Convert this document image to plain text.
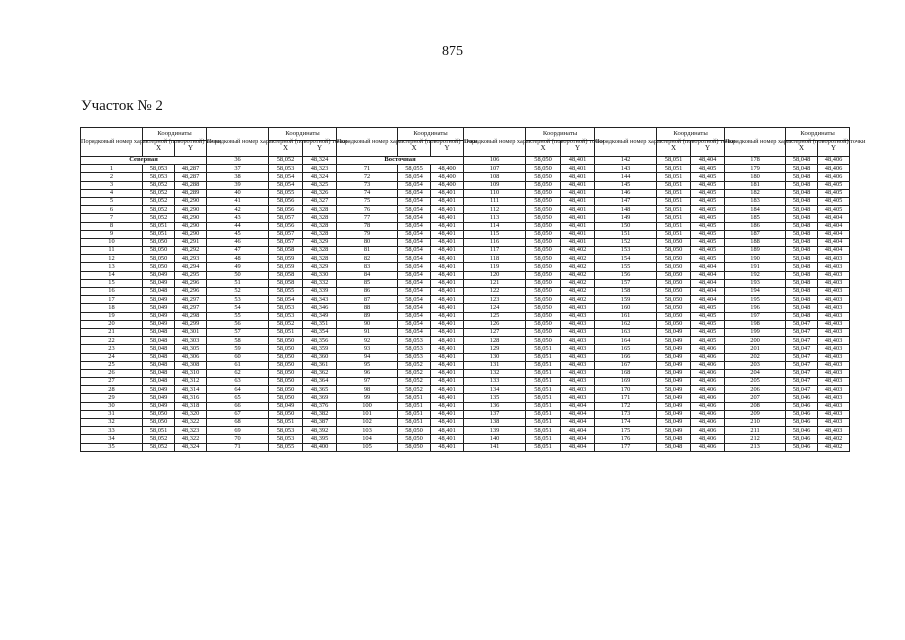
875
Участок № 2
Порядковый номер характерной (поворотной) точки	Координаты		Порядковый номер характерной (поворотной) точки	Координаты		Порядковый номер характерной (поворотной) точки	Координаты		Порядковый номер характерной (поворотной) точки	Координаты		Порядковый номер характерной (поворотной) точки	Координаты		Порядковый номер характерной (поворотной) точки	Координаты	
	X	Y		X	Y		X	Y		X	Y		X	Y		X	Y
Северная			36	58,052	48,324	Восточная			106	58,050	48,401	142	58,051	48,404	178	58,048	48,406
1	58,053	48,287	37	58,053	48,323	71	58,055	48,400	107	58,050	48,401	143	58,051	48,405	179	58,048	48,406
2	58,053	48,287	38	58,054	48,324	72	58,054	48,400	108	58,050	48,401	144	58,051	48,405	180	58,048	48,406
3	58,052	48,288	39	58,054	48,325	73	58,054	48,400	109	58,050	48,401	145	58,051	48,405	181	58,048	48,405
4	58,052	48,289	40	58,055	48,326	74	58,054	48,401	110	58,050	48,401	146	58,051	48,405	182	58,048	48,405
5	58,052	48,290	41	58,056	48,327	75	58,054	48,401	111	58,050	48,401	147	58,051	48,405	183	58,048	48,405
6	58,052	48,290	42	58,056	48,328	76	58,054	48,401	112	58,050	48,401	148	58,051	48,405	184	58,048	48,405
7	58,052	48,290	43	58,057	48,328	77	58,054	48,401	113	58,050	48,401	149	58,051	48,405	185	58,048	48,404
8	58,051	48,290	44	58,056	48,328	78	58,054	48,401	114	58,050	48,401	150	58,051	48,405	186	58,048	48,404
9	58,051	48,290	45	58,057	48,328	79	58,054	48,401	115	58,050	48,401	151	58,051	48,405	187	58,048	48,404
10	58,050	48,291	46	58,057	48,329	80	58,054	48,401	116	58,050	48,401	152	58,050	48,405	188	58,048	48,404
11	58,050	48,292	47	58,058	48,328	81	58,054	48,401	117	58,050	48,402	153	58,050	48,405	189	58,048	48,404
12	58,050	48,293	48	58,059	48,328	82	58,054	48,401	118	58,050	48,402	154	58,050	48,405	190	58,048	48,403
13	58,050	48,294	49	58,059	48,329	83	58,054	48,401	119	58,050	48,402	155	58,050	48,404	191	58,048	48,403
14	58,049	48,295	50	58,058	48,330	84	58,054	48,401	120	58,050	48,402	156	58,050	48,404	192	58,048	48,403
15	58,049	48,296	51	58,058	48,332	85	58,054	48,401	121	58,050	48,402	157	58,050	48,404	193	58,048	48,403
16	58,048	48,296	52	58,055	48,339	86	58,054	48,401	122	58,050	48,402	158	58,050	48,404	194	58,048	48,403
17	58,049	48,297	53	58,054	48,343	87	58,054	48,401	123	58,050	48,402	159	58,050	48,404	195	58,048	48,403
18	58,049	48,297	54	58,053	48,346	88	58,054	48,401	124	58,050	48,403	160	58,050	48,405	196	58,048	48,403
19	58,049	48,298	55	58,053	48,349	89	58,054	48,401	125	58,050	48,403	161	58,050	48,405	197	58,048	48,403
20	58,049	48,299	56	58,052	48,351	90	58,054	48,401	126	58,050	48,403	162	58,050	48,405	198	58,047	48,403
21	58,048	48,301	57	58,051	48,354	91	58,054	48,401	127	58,050	48,403	163	58,049	48,405	199	58,047	48,403
22	58,048	48,303	58	58,050	48,356	92	58,053	48,401	128	58,050	48,403	164	58,049	48,405	200	58,047	48,403
23	58,048	48,305	59	58,050	48,359	93	58,053	48,401	129	58,051	48,403	165	58,049	48,406	201	58,047	48,403
24	58,048	48,306	60	58,050	48,360	94	58,053	48,401	130	58,051	48,403	166	58,049	48,406	202	58,047	48,403
25	58,048	48,308	61	58,050	48,361	95	58,052	48,401	131	58,051	48,403	167	58,049	48,406	203	58,047	48,403
26	58,048	48,310	62	58,050	48,362	96	58,052	48,401	132	58,051	48,403	168	58,049	48,406	204	58,047	48,403
27	58,048	48,312	63	58,050	48,364	97	58,052	48,401	133	58,051	48,403	169	58,049	48,406	205	58,047	48,403
28	58,049	48,314	64	58,050	48,365	98	58,052	48,401	134	58,051	48,403	170	58,049	48,406	206	58,047	48,403
29	58,049	48,316	65	58,050	48,369	99	58,051	48,401	135	58,051	48,403	171	58,049	48,406	207	58,046	48,403
30	58,049	48,318	66	58,049	48,376	100	58,051	48,401	136	58,051	48,404	172	58,049	48,406	208	58,046	48,403
31	58,050	48,320	67	58,050	48,382	101	58,051	48,401	137	58,051	48,404	173	58,049	48,406	209	58,046	48,403
32	58,050	48,322	68	58,051	48,387	102	58,051	48,401	138	58,051	48,404	174	58,049	48,406	210	58,046	48,403
33	58,051	48,323	69	58,053	48,392	103	58,050	48,401	139	58,051	48,404	175	58,049	48,406	211	58,046	48,403
34	58,052	48,322	70	58,053	48,395	104	58,050	48,401	140	58,051	48,404	176	58,048	48,406	212	58,046	48,402
35	58,052	48,324	71	58,055	48,400	105	58,050	48,401	141	58,051	48,404	177	58,048	48,406	213	58,046	48,402
